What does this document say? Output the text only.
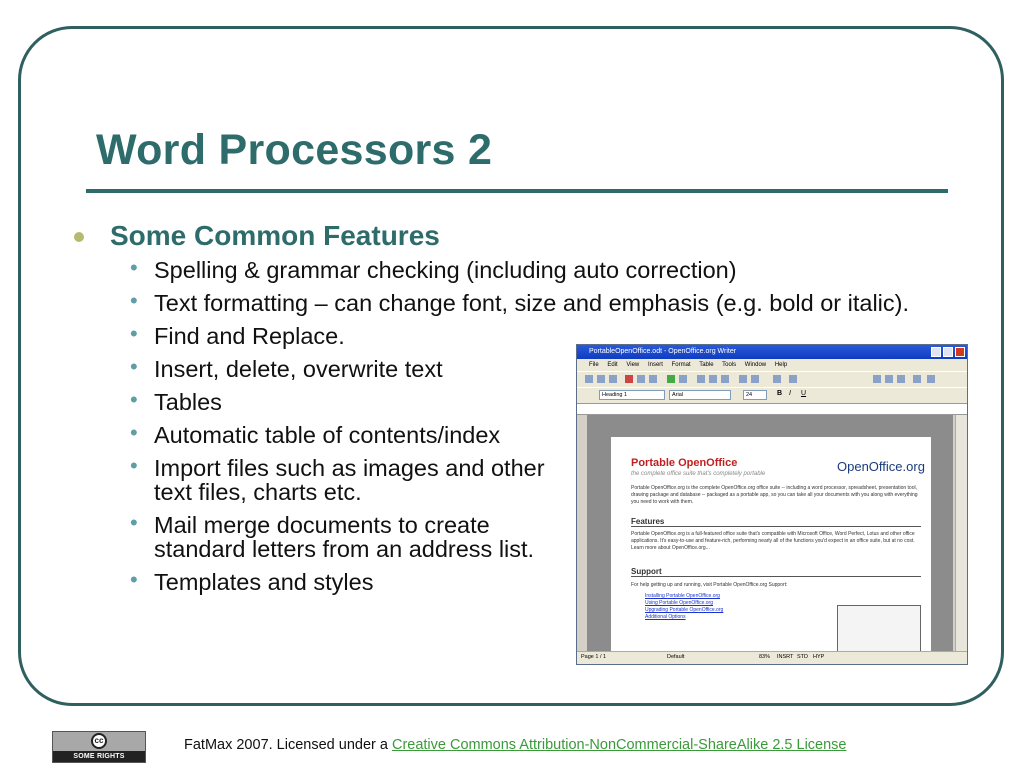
Word Processors 2
Some Common Features
• Spelling & grammar checking (including auto correction)
• Text formatting – can change font, size and emphasis (e.g. bold or italic).
• Find and Replace.
• Insert, delete, overwrite text
• Tables
• Automatic table of contents/index
• Import files such as images and other text files, charts etc.
• Mail merge documents to create standard letters from an address list.
• Templates and styles
PortableOpenOffice.odt - OpenOffice.org Writer
File Edit View Insert Format Table Tools Window Help
Heading 1	Arial	24	B I U
Portable OpenOffice
the complete office suite that's completely portable	OpenOffice.org
Portable OpenOffice.org is the complete OpenOffice.org office suite -- including a word processor, spreadsheet, presentation tool, drawing package and database -- packaged as a portable app, so you can take all your documents with you along with everything you need to work with them.
Features
Portable OpenOffice.org is a full-featured office suite that's compatible with Microsoft Office, Word Perfect, Lotus and other office applications. It's easy-to-use and feature-rich, performing nearly all of the functions you'd expect in an office suite, but at no cost. Learn more about OpenOffice.org...
Support
For help getting up and running, visit Portable OpenOffice.org Support:
Installing Portable OpenOffice.org
Using Portable OpenOffice.org
Upgrading Portable OpenOffice.org
Additional Options
Page 1 / 1	Default	83% INSRT STD HYP
cc
SOME RIGHTS RESERVED
FatMax 2007. Licensed under a Creative Commons Attribution-NonCommercial-ShareAlike 2.5 License
